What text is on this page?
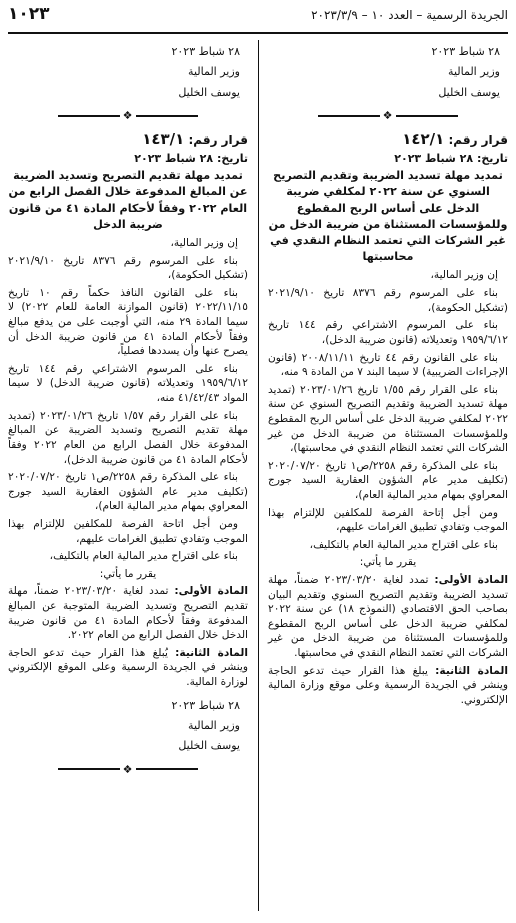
الجريدة الرسمية – العدد ١٠ – ٢٠٢٣/٣/٩
١٠٢٣
٢٨ شباط ٢٠٢٣
وزير المالية
يوسف الخليل
❖
قرار رقم: ١٤٢/١
تاريخ: ٢٨ شباط ٢٠٢٣
تمديد مهلة تسديد الضريبة وتقديم التصريح السنوي عن سنة ٢٠٢٢ لمكلفي ضريبة الدخل على أساس الربح المقطوع وللمؤسسات المستثناة من ضريبة الدخل من غير الشركات التي تعتمد النظام النقدي في محاسبتها

إن وزير المالية،

بناء على المرسوم رقم ٨٣٧٦ تاريخ ٢٠٢١/٩/١٠ (تشكيل الحكومة)،

بناء على المرسوم الاشتراعي رقم ١٤٤ تاريخ ١٩٥٩/٦/١٢ وتعديلاته (قانون ضريبة الدخل)،

بناء على القانون رقم ٤٤ تاريخ ٢٠٠٨/١١/١١ (قانون الإجراءات الضريبية) لا سيما البند ٧ من المادة ٩ منه،

بناء على القرار رقم ١/٥٥ تاريخ ٢٠٢٣/٠١/٢٦ (تمديد مهلة تسديد الضريبة وتقديم التصريح السنوي عن سنة ٢٠٢٢ لمكلفي ضريبة الدخل على أساس الربح المقطوع وللمؤسسات المستثناة من ضريبة الدخل من غير الشركات التي تعتمد النظام النقدي في محاسبتها)،

بناء على المذكرة رقم ٢٢٥٨/ص١ تاريخ ٢٠٢٠/٠٧/٢٠ (تكليف مدير عام الشؤون العقارية السيد جورج المعراوي بمهام مدير المالية العام)،

ومن أجل إتاحة الفرصة للمكلفين للإلتزام بهذا الموجب وتفادي تطبيق الغرامات عليهم،

بناء على اقتراح مدير المالية العام بالتكليف،

يقرر ما يأتي:

المادة الأولى: تمدد لغاية ٢٠٢٣/٠٣/٢٠ ضمناً، مهلة تسديد الضريبة وتقديم التصريح السنوي وتقديم البيان بصاحب الحق الاقتصادي (النموذج ١٨) عن سنة ٢٠٢٢ لمكلفي ضريبة الدخل على أساس الربح المقطوع وللمؤسسات المستثناة من ضريبة الدخل من غير الشركات التي تعتمد النظام النقدي في محاسبتها.

المادة الثانية: يبلغ هذا القرار حيث تدعو الحاجة وينشر في الجريدة الرسمية وعلى موقع وزارة المالية الإلكتروني.

٢٨ شباط ٢٠٢٣
وزير المالية
يوسف الخليل
❖
قرار رقم: ١٤٣/١
تاريخ: ٢٨ شباط ٢٠٢٣
تمديد مهلة تقديم التصريح وتسديد الضريبة عن المبالغ المدفوعة خلال الفصل الرابع من العام ٢٠٢٢ وفقاً لأحكام المادة ٤١ من قانون ضريبة الدخل

إن وزير المالية،

بناء على المرسوم رقم ٨٣٧٦ تاريخ ٢٠٢١/٩/١٠ (تشكيل الحكومة)،

بناء على القانون النافذ حكماً رقم ١٠ تاريخ ٢٠٢٢/١١/١٥ (قانون الموازنة العامة للعام ٢٠٢٢) لا سيما المادة ٢٩ منه، التي أوجبت على من يدفع مبالغ وفقاً لأحكام المادة ٤١ من قانون ضريبة الدخل أن يصرح عنها وأن يسددها فصلياً،

بناء على المرسوم الاشتراعي رقم ١٤٤ تاريخ ١٩٥٩/٦/١٢ وتعديلاته (قانون ضريبة الدخل) لا سيما المواد ٤١/٤٢/٤٣ منه،

بناء على القرار رقم ١/٥٧ تاريخ ٢٠٢٣/٠١/٢٦ (تمديد مهلة تقديم التصريح وتسديد الضريبة عن المبالغ المدفوعة خلال الفصل الرابع من العام ٢٠٢٢ وفقاً لأحكام المادة ٤١ من قانون ضريبة الدخل)،

بناء على المذكرة رقم ٢٢٥٨/ص١ تاريخ ٢٠٢٠/٠٧/٢٠ (تكليف مدير عام الشؤون العقارية السيد جورج المعراوي بمهام مدير المالية العام)،

ومن أجل اتاحة الفرصة للمكلفين للإلتزام بهذا الموجب وتفادي تطبيق الغرامات عليهم،

بناء على اقتراح مدير المالية العام بالتكليف،

يقرر ما يأتي:

المادة الأولى: تمدد لغاية ٢٠٢٣/٠٣/٢٠ ضمناً، مهلة تقديم التصريح وتسديد الضريبة المتوجبة عن المبالغ المدفوعة وفقاً لأحكام المادة ٤١ من قانون ضريبة الدخل خلال الفصل الرابع من العام ٢٠٢٢.

المادة الثانية: يُبلغ هذا القرار حيث تدعو الحاجة وينشر في الجريدة الرسمية وعلى الموقع الإلكتروني لوزارة المالية.

٢٨ شباط ٢٠٢٣
وزير المالية
يوسف الخليل
❖
